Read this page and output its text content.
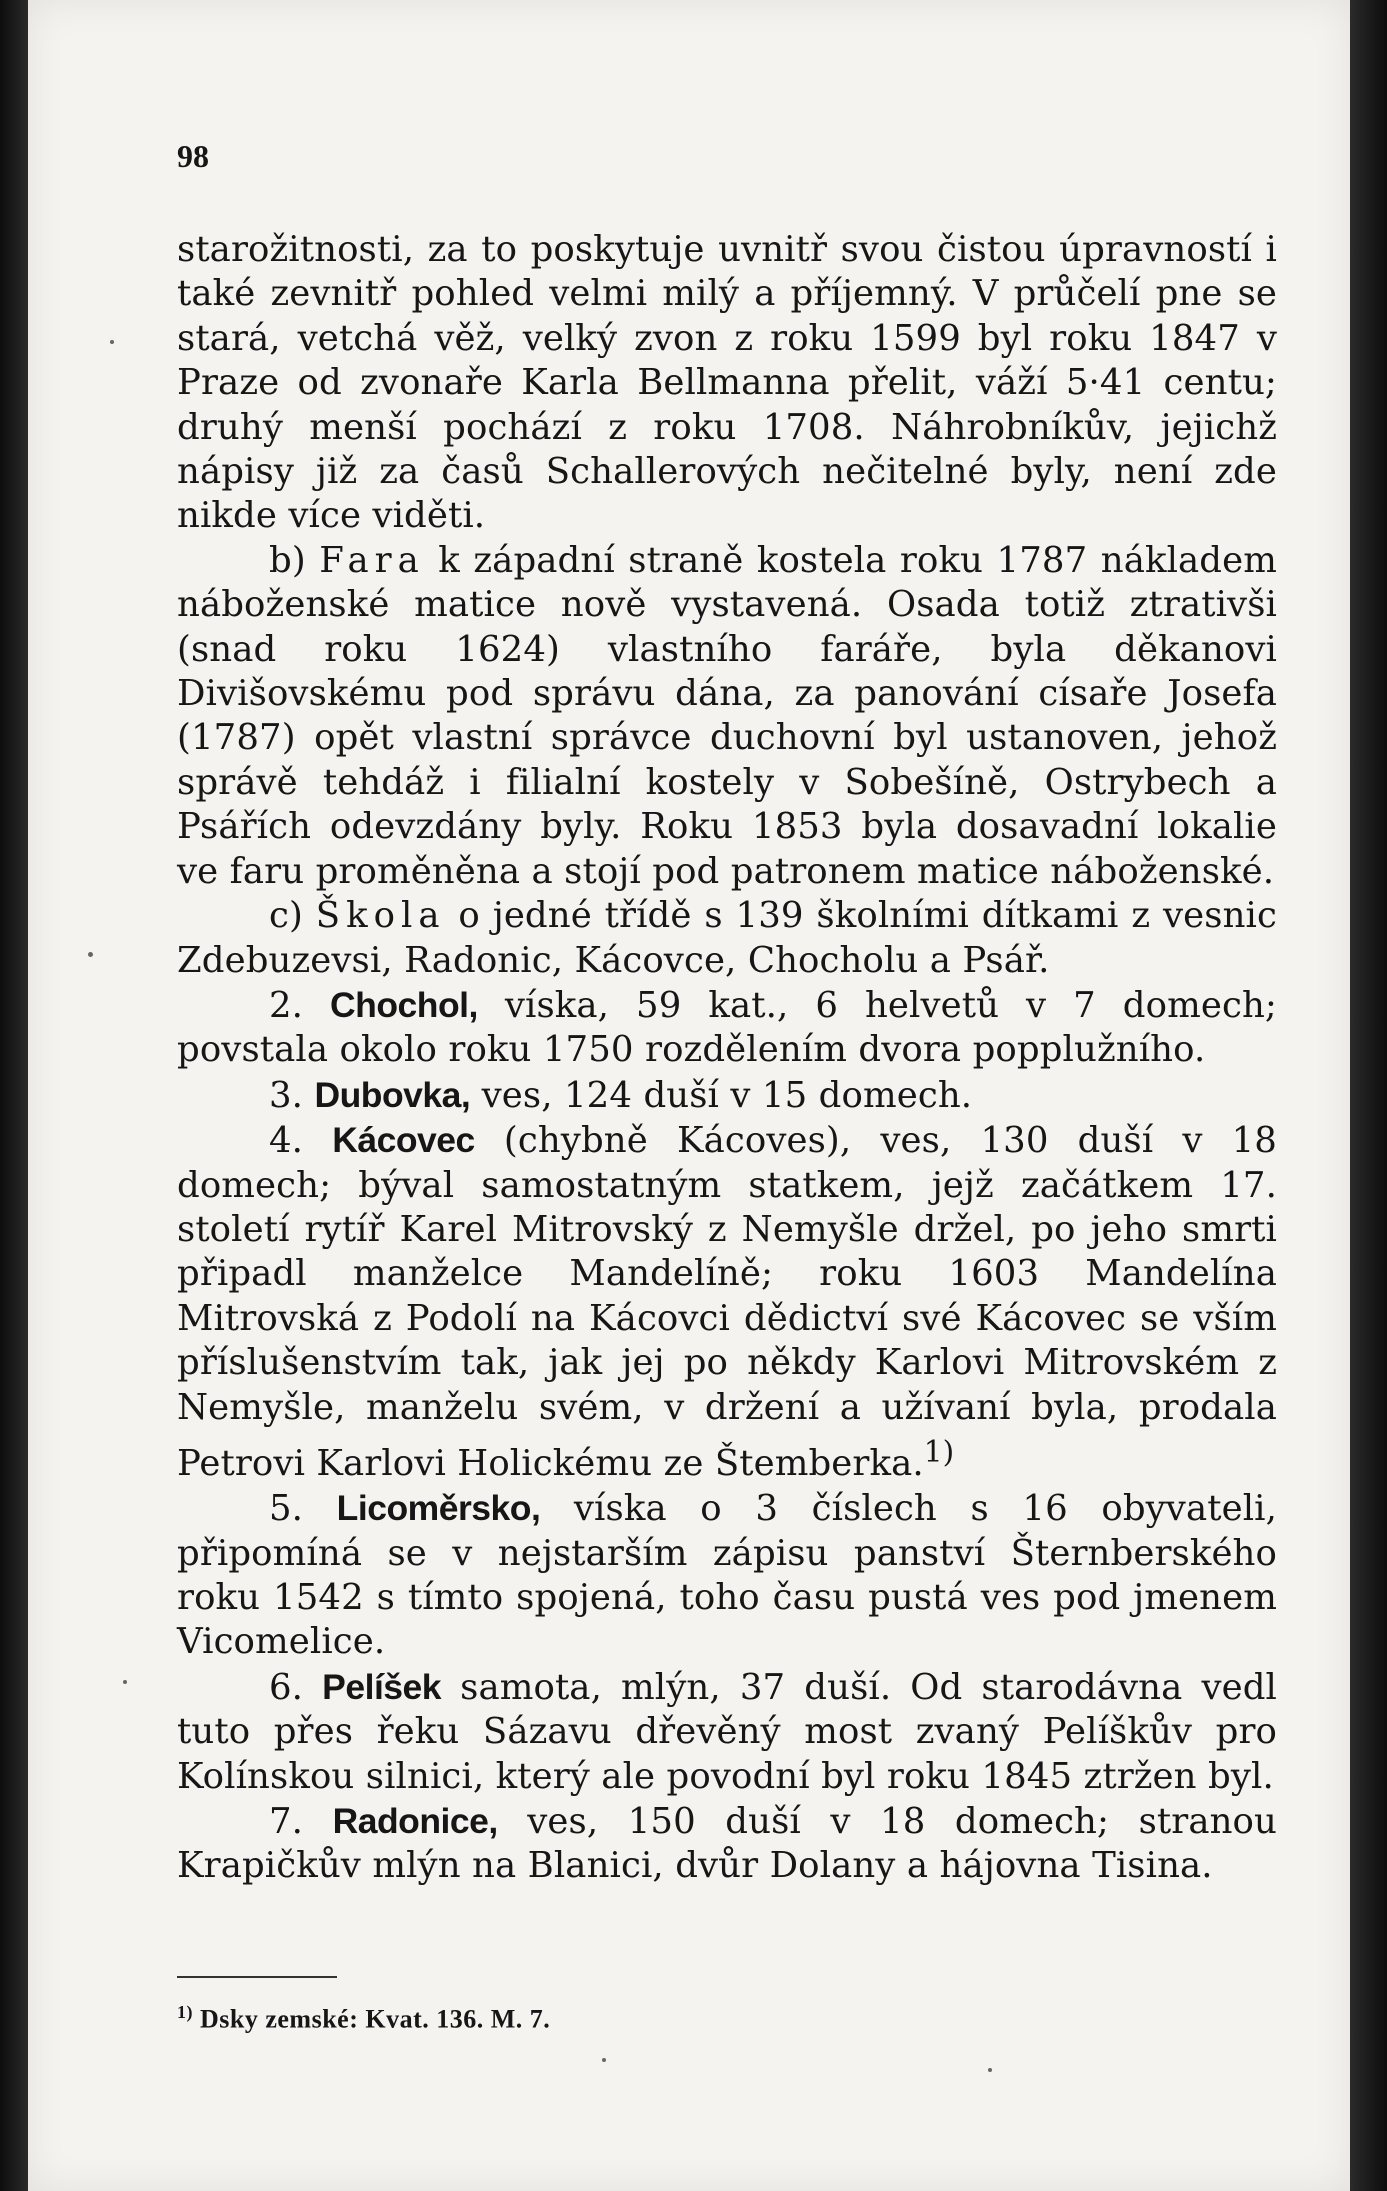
98

starožitnosti, za to poskytuje uvnitř svou čistou úpravností i také zevnitř pohled velmi milý a příjemný. V průčelí pne se stará, vetchá věž, velký zvon z roku 1599 byl roku 1847 v Praze od zvonaře Karla Bellmanna přelit, váží 5·41 centu; druhý menší pochází z roku 1708. Náhrobníkův, jejichž nápisy již za časů Schallerových nečitelné byly, není zde nikde více viděti.

b) Fara k západní straně kostela roku 1787 nákladem náboženské matice nově vystavená. Osada totiž ztrativši (snad roku 1624) vlastního faráře, byla děkanovi Divišovskému pod správu dána, za panování císaře Josefa (1787) opět vlastní správce duchovní byl ustanoven, jehož správě tehdáž i filialní kostely v Sobešíně, Ostrybech a Psářích odevzdány byly. Roku 1853 byla dosavadní lokalie ve faru proměněna a stojí pod patronem matice náboženské.

c) Škola o jedné třídě s 139 školními dítkami z vesnic Zdebuzevsi, Radonic, Kácovce, Chocholu a Psář.

2. Chochol, víska, 59 kat., 6 helvetů v 7 domech; povstala okolo roku 1750 rozdělením dvora popplužního.

3. Dubovka, ves, 124 duší v 15 domech.

4. Kácovec (chybně Kácoves), ves, 130 duší v 18 domech; býval samostatným statkem, jejž začátkem 17. století rytíř Karel Mitrovský z Nemyšle držel, po jeho smrti připadl manželce Mandelíně; roku 1603 Mandelína Mitrovská z Podolí na Kácovci dědictví své Kácovec se vším příslušenstvím tak, jak jej po někdy Karlovi Mitrovském z Nemyšle, manželu svém, v držení a užívaní byla, prodala Petrovi Karlovi Holickému ze Štemberka.$^{1)}$

5. Licoměrsko, víska o 3 číslech s 16 obyvateli, připomíná se v nejstarším zápisu panství Šternberského roku 1542 s tímto spojená, toho času pustá ves pod jmenem Vicomelice.

6. Pelíšek samota, mlýn, 37 duší. Od starodávna vedl tuto přes řeku Sázavu dřevěný most zvaný Pelíškův pro Kolínskou silnici, který ale povodní byl roku 1845 ztržen byl.

7. Radonice, ves, 150 duší v 18 domech; stranou Krapičkův mlýn na Blanici, dvůr Dolany a hájovna Tisina.

$^{1)}$ Dsky zemské: Kvat. 136. M. 7.
